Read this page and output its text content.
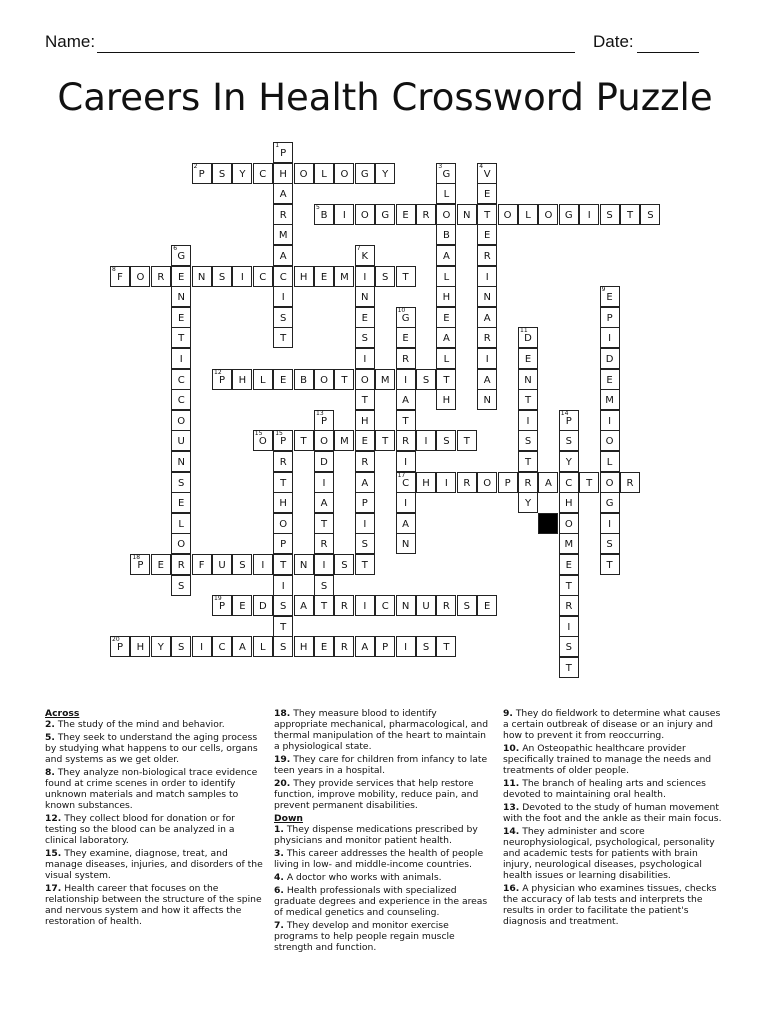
Name:	Date:
Careers In Health Crossword Puzzle
1
P
H
A
R
M
A
C
I
S
T
2
P	S	Y	C	O	L	O	G	Y
3
G
L
O
B
A
L
H
E
A
L
T
H
4
V
E
T
E
R
I
N
A
R
I
A
N
5
B	I	O	G	E	R	N	O	L	O	G	I	S	T	S
6
G
E
N
E
T
I
C
C
O
U
N
S
E
L
O
R
S
7
K
I
N
E
S
I
O
T
H
E
R
A
P
I
S
T
8
F	O	R	N	S	I	C	H	E	M	S	T
9
E
P
I
D
E
M
I
O
L
O
G
I
S
T
10
G
E
R
I
A
T
R
I
17
C
I
A
N
11
D
E
N
T
I
S
T
R
Y
12
P	H	L	E	B	O	T	M	S
13
P
O
D
I
A
T
R
I
S
T
14
P
S
Y
C
H
O
M
E
T
R
I
S
T
15
O
15
P	T	M	T	I	S	T
R
T
H
O
P
T
I
S
T
S
H	I	R	O	P	A	T	R
18
P	E	F	U	S	I	N	S
19
P	E	D	A	R	I	C	N	U	R	S	E
20
P	H	Y	S	I	C	A	L	H	E	R	A	P	I	S	T

Across

2. The study of the mind and behavior.
5. They seek to understand the aging process by studying what happens to our cells, organs and systems as we get older.
8. They analyze non-biological trace evidence found at crime scenes in order to identify unknown materials and match samples to known substances.
12. They collect blood for donation or for testing so the blood can be analyzed in a clinical laboratory.
15. They examine, diagnose, treat, and manage diseases, injuries, and disorders of the visual system.
17. Health career that focuses on the relationship between the structure of the spine and nervous system and how it affects the restoration of health.
18. They measure blood to identify appropriate mechanical, pharmacological, and thermal manipulation of the heart to maintain a physiological state.
19. They care for children from infancy to late teen years in a hospital.
20. They provide services that help restore function, improve mobility, reduce pain, and prevent permanent disabilities.

Down

1. They dispense medications prescribed by physicians and monitor patient health.
3. This career addresses the health of people living in low- and middle-income countries.
4. A doctor who works with animals.
6. Health professionals with specialized graduate degrees and experience in the areas of medical genetics and counseling.
7. They develop and monitor exercise programs to help people regain muscle strength and function.
9. They do fieldwork to determine what causes a certain outbreak of disease or an injury and how to prevent it from reoccurring.
10. An Osteopathic healthcare provider specifically trained to manage the needs and treatments of older people.
11. The branch of healing arts and sciences devoted to maintaining oral health.
13. Devoted to the study of human movement with the foot and the ankle as their main focus.
14. They administer and score neurophysiological, psychological, personality and academic tests for patients with brain injury, neurological diseases, psychological health issues or learning disabilities.
16. A physician who examines tissues, checks the accuracy of lab tests and interprets the results in order to facilitate the patient's diagnosis and treatment.
